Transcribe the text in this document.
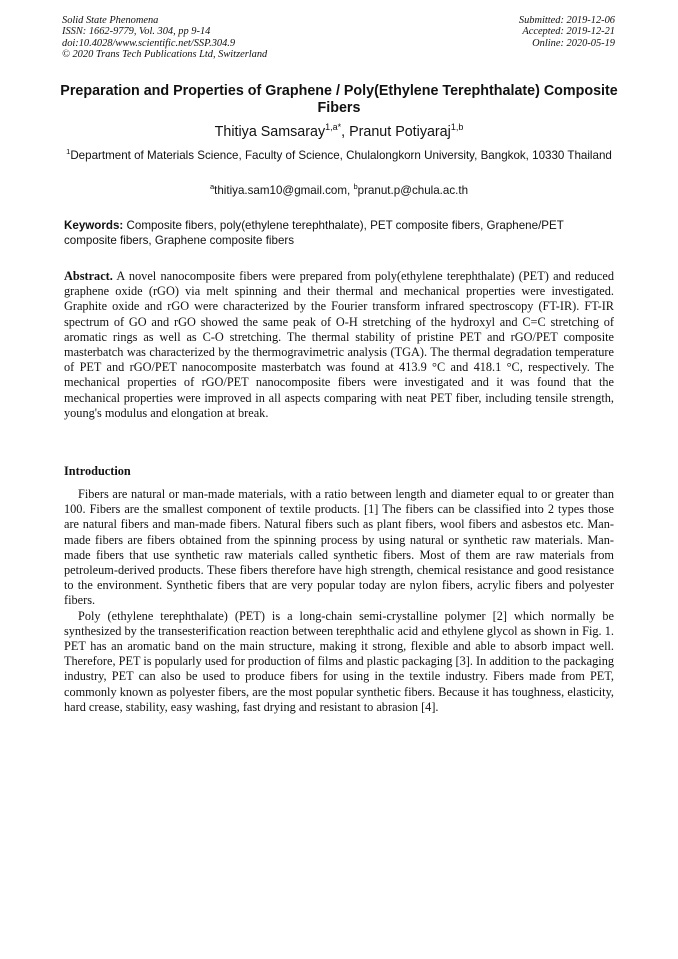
Solid State Phenomena
ISSN: 1662-9779, Vol. 304, pp 9-14
doi:10.4028/www.scientific.net/SSP.304.9
© 2020 Trans Tech Publications Ltd, Switzerland
Submitted: 2019-12-06
Accepted: 2019-12-21
Online: 2020-05-19
Preparation and Properties of Graphene / Poly(Ethylene Terephthalate) Composite Fibers
Thitiya Samsaray$^{1,a*}$, Pranut Potiyaraj$^{1,b}$
$^1$Department of Materials Science, Faculty of Science, Chulalongkorn University, Bangkok, 10330 Thailand
$^a$thitiya.sam10@gmail.com, $^b$pranut.p@chula.ac.th
Keywords: Composite fibers, poly(ethylene terephthalate), PET composite fibers, Graphene/PET composite fibers, Graphene composite fibers
Abstract. A novel nanocomposite fibers were prepared from poly(ethylene terephthalate) (PET) and reduced graphene oxide (rGO) via melt spinning and their thermal and mechanical properties were investigated. Graphite oxide and rGO were characterized by the Fourier transform infrared spectroscopy (FT-IR). FT-IR spectrum of GO and rGO showed the same peak of O-H stretching of the hydroxyl and C=C stretching of aromatic rings as well as C-O stretching. The thermal stability of pristine PET and rGO/PET composite masterbatch was characterized by the thermogravimetric analysis (TGA). The thermal degradation temperature of PET and rGO/PET nanocomposite masterbatch was found at 413.9 °C and 418.1 °C, respectively. The mechanical properties of rGO/PET nanocomposite fibers were investigated and it was found that the mechanical properties were improved in all aspects comparing with neat PET fiber, including tensile strength, young's modulus and elongation at break.
Introduction

Fibers are natural or man-made materials, with a ratio between length and diameter equal to or greater than 100. Fibers are the smallest component of textile products. [1] The fibers can be classified into 2 types those are natural fibers and man-made fibers. Natural fibers such as plant fibers, wool fibers and asbestos etc. Man-made fibers are fibers obtained from the spinning process by using natural or synthetic raw materials. Man-made fibers that use synthetic raw materials called synthetic fibers. Most of them are raw materials from petroleum-derived products. These fibers therefore have high strength, chemical resistance and good resistance to the environment. Synthetic fibers that are very popular today are nylon fibers, acrylic fibers and polyester fibers.

Poly (ethylene terephthalate) (PET) is a long-chain semi-crystalline polymer [2] which normally be synthesized by the transesterification reaction between terephthalic acid and ethylene glycol as shown in Fig. 1. PET has an aromatic band on the main structure, making it strong, flexible and able to absorb impact well. Therefore, PET is popularly used for production of films and plastic packaging [3]. In addition to the packaging industry, PET can also be used to produce fibers for using in the textile industry. Fibers made from PET, commonly known as polyester fibers, are the most popular synthetic fibers. Because it has toughness, elasticity, hard crease, stability, easy washing, fast drying and resistant to abrasion [4].
